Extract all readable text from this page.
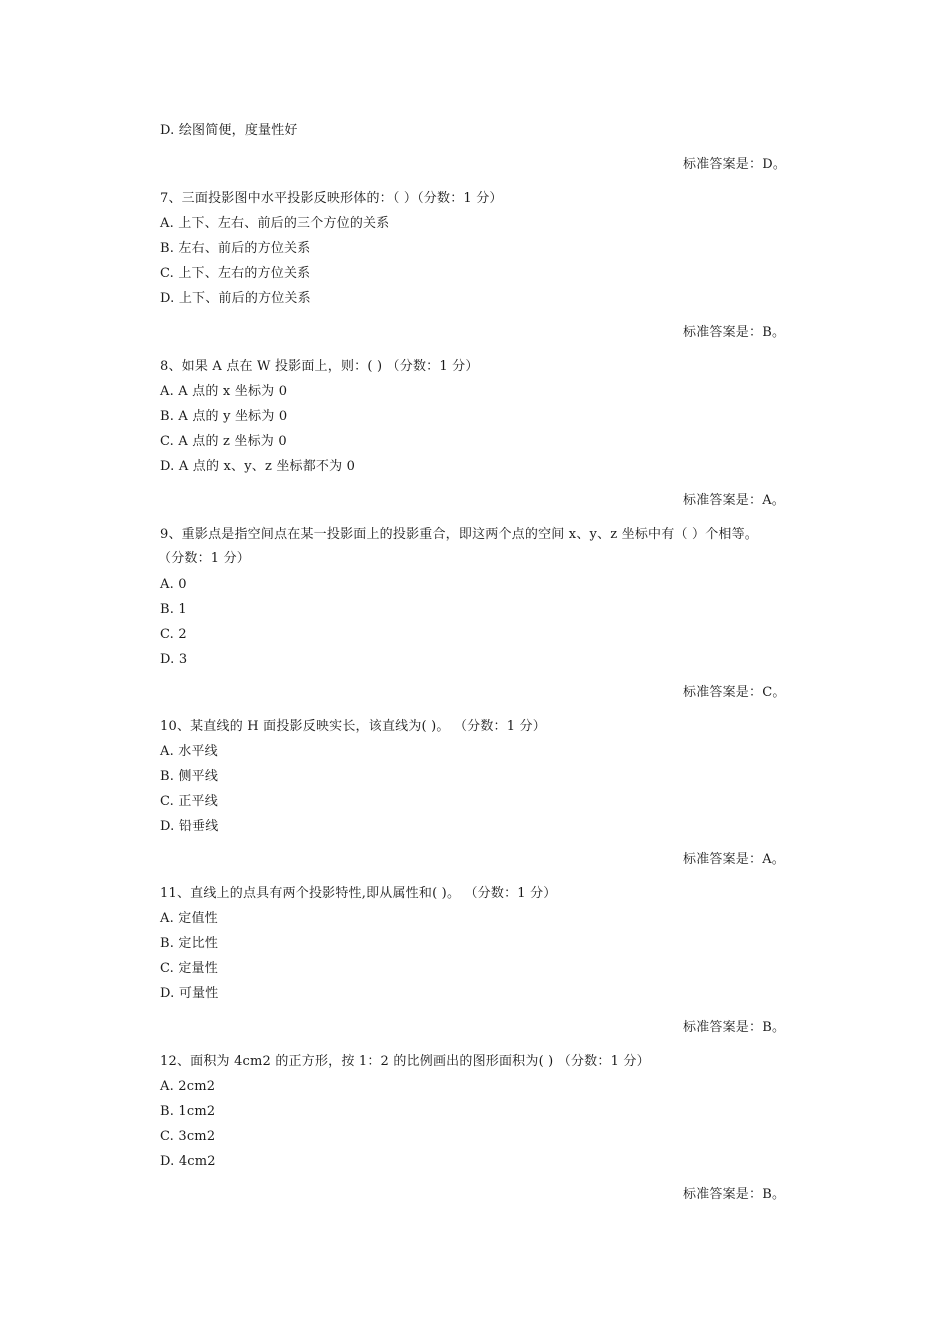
D. 绘图简便，度量性好
标准答案是：D。
7、三面投影图中水平投影反映形体的：（ ）（分数：1 分）
A. 上下、左右、前后的三个方位的关系
B. 左右、前后的方位关系
C. 上下、左右的方位关系
D. 上下、前后的方位关系
标准答案是：B。
8、如果 A 点在 W 投影面上，则：( ) （分数：1 分）
A. A 点的 x 坐标为 0
B. A 点的 y 坐标为 0
C. A 点的 z 坐标为 0
D. A 点的 x、y、z 坐标都不为 0
标准答案是：A。
9、重影点是指空间点在某一投影面上的投影重合，即这两个点的空间 x、y、z 坐标中有（ ）个相等。
（分数：1 分）
A. 0
B. 1
C. 2
D. 3
标准答案是：C。
10、某直线的 H 面投影反映实长，该直线为( )。 （分数：1 分）
A. 水平线
B. 侧平线
C. 正平线
D. 铅垂线
标准答案是：A。
11、直线上的点具有两个投影特性,即从属性和( )。 （分数：1 分）
A. 定值性
B. 定比性
C. 定量性
D. 可量性
标准答案是：B。
12、面积为 4cm2 的正方形，按 1：2 的比例画出的图形面积为( ) （分数：1 分）
A. 2cm2
B. 1cm2
C. 3cm2
D. 4cm2
标准答案是：B。
